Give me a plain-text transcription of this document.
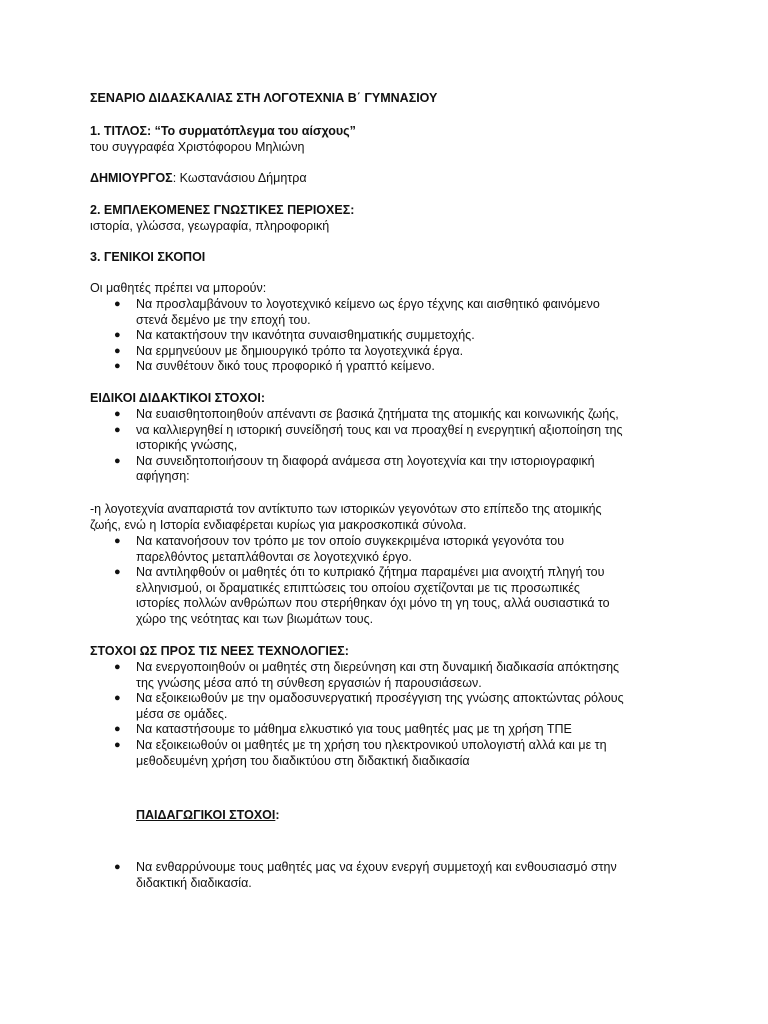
ΣΕΝΑΡΙΟ ΔΙΔΑΣΚΑΛΙΑΣ ΣΤΗ ΛΟΓΟΤΕΧΝΙΑ Β΄ ΓΥΜΝΑΣΙΟΥ
1. ΤΙΤΛΟΣ: “Το συρματόπλεγμα του αίσχους”
του συγγραφέα Χριστόφορου Μηλιώνη
ΔΗΜΙΟΥΡΓΟΣ: Κωστανάσιου Δήμητρα
2. ΕΜΠΛΕΚΟΜΕΝΕΣ ΓΝΩΣΤΙΚΕΣ ΠΕΡΙΟΧΕΣ:
ιστορία, γλώσσα, γεωγραφία, πληροφορική
3. ΓΕΝΙΚΟΙ ΣΚΟΠΟΙ
Οι μαθητές πρέπει να μπορούν:
● Να προσλαμβάνουν το λογοτεχνικό κείμενο ως έργο τέχνης και αισθητικό φαινόμενο
στενά δεμένο με την εποχή του.
● Να κατακτήσουν την ικανότητα συναισθηματικής συμμετοχής.
● Να ερμηνεύουν με δημιουργικό τρόπο τα λογοτεχνικά έργα.
● Να συνθέτουν δικό τους προφορικό ή γραπτό κείμενο.
ΕΙΔΙΚΟΙ ΔΙΔΑΚΤΙΚΟΙ ΣΤΟΧΟΙ:
● Να ευαισθητοποιηθούν απέναντι σε βασικά ζητήματα της ατομικής και κοινωνικής ζωής,
● να καλλιεργηθεί η ιστορική συνείδησή τους και να προαχθεί η ενεργητική αξιοποίηση της
ιστορικής γνώσης,
● Να συνειδητοποιήσουν τη διαφορά ανάμεσα στη λογοτεχνία και την ιστοριογραφική
αφήγηση:
-η λογοτεχνία αναπαριστά τον αντίκτυπο των ιστορικών γεγονότων στο επίπεδο της ατομικής
ζωής, ενώ η Ιστορία ενδιαφέρεται κυρίως για μακροσκοπικά σύνολα.
● Να κατανοήσουν τον τρόπο με τον οποίο συγκεκριμένα ιστορικά γεγονότα του
παρελθόντος μεταπλάθονται σε λογοτεχνικό έργο.
● Να αντιληφθούν οι μαθητές ότι το κυπριακό ζήτημα παραμένει μια ανοιχτή πληγή του
ελληνισμού, οι δραματικές επιπτώσεις του οποίου σχετίζονται με τις προσωπικές
ιστορίες πολλών ανθρώπων που στερήθηκαν όχι μόνο τη γη τους, αλλά ουσιαστικά το
χώρο της νεότητας και των βιωμάτων τους.
ΣΤΟΧΟΙ ΩΣ ΠΡΟΣ ΤΙΣ ΝΕΕΣ ΤΕΧΝΟΛΟΓΙΕΣ:
● Να ενεργοποιηθούν οι μαθητές στη διερεύνηση και στη δυναμική διαδικασία απόκτησης
της γνώσης μέσα από τη σύνθεση εργασιών ή παρουσιάσεων.
● Να εξοικειωθούν με την ομαδοσυνεργατική προσέγγιση της γνώσης αποκτώντας ρόλους
μέσα σε ομάδες.
● Να καταστήσουμε το μάθημα ελκυστικό για τους μαθητές μας με τη χρήση ΤΠΕ
● Να εξοικειωθούν οι μαθητές με τη χρήση του ηλεκτρονικού υπολογιστή αλλά και με τη
μεθοδευμένη χρήση του διαδικτύου στη διδακτική διαδικασία
ΠΑΙΔΑΓΩΓΙΚΟΙ ΣΤΟΧΟΙ:
● Να ενθαρρύνουμε τους μαθητές μας να έχουν ενεργή συμμετοχή και ενθουσιασμό στην
διδακτική διαδικασία.
